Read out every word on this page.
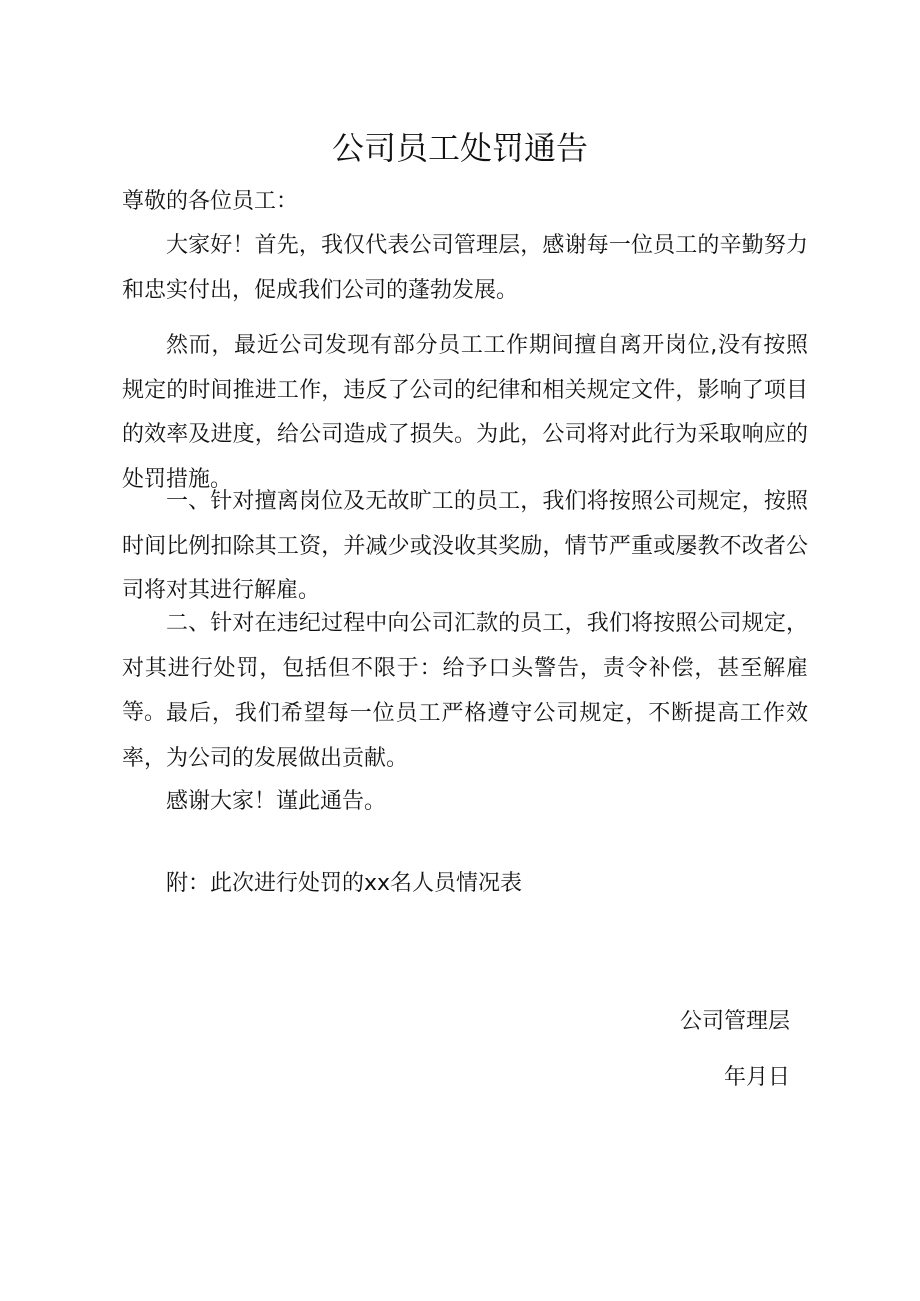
公司员工处罚通告

尊敬的各位员工：

大家好！首先，我仅代表公司管理层，感谢每一位员工的辛勤努力和忠实付出，促成我们公司的蓬勃发展。

然而，最近公司发现有部分员工工作期间擅自离开岗位,没有按照规定的时间推进工作，违反了公司的纪律和相关规定文件，影响了项目的效率及进度，给公司造成了损失。为此，公司将对此行为采取响应的处罚措施。

一、针对擅离岗位及无故旷工的员工，我们将按照公司规定，按照时间比例扣除其工资，并减少或没收其奖励，情节严重或屡教不改者公司将对其进行解雇。

二、针对在违纪过程中向公司汇款的员工，我们将按照公司规定，对其进行处罚，包括但不限于：给予口头警告，责令补偿，甚至解雇等。 最后，我们希望每一位员工严格遵守公司规定，不断提高工作效率，为公司的发展做出贡献。

感谢大家！谨此通告。

附：此次进行处罚的xx名人员情况表

公司管理层

年月日
